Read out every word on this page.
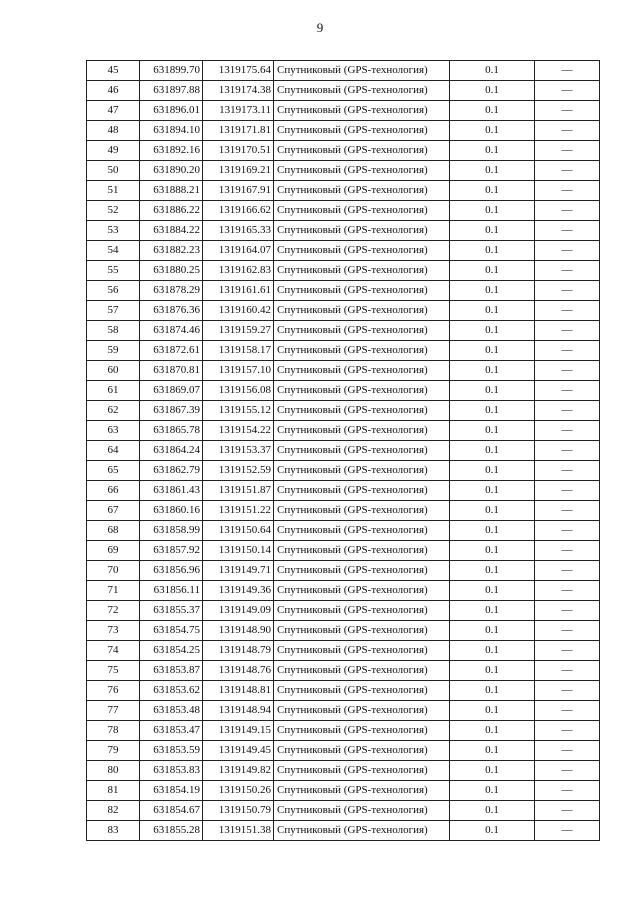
9
45	631899.70	1319175.64	Спутниковый (GPS-технология)	0.1	—
46	631897.88	1319174.38	Спутниковый (GPS-технология)	0.1	—
47	631896.01	1319173.11	Спутниковый (GPS-технология)	0.1	—
48	631894.10	1319171.81	Спутниковый (GPS-технология)	0.1	—
49	631892.16	1319170.51	Спутниковый (GPS-технология)	0.1	—
50	631890.20	1319169.21	Спутниковый (GPS-технология)	0.1	—
51	631888.21	1319167.91	Спутниковый (GPS-технология)	0.1	—
52	631886.22	1319166.62	Спутниковый (GPS-технология)	0.1	—
53	631884.22	1319165.33	Спутниковый (GPS-технология)	0.1	—
54	631882.23	1319164.07	Спутниковый (GPS-технология)	0.1	—
55	631880.25	1319162.83	Спутниковый (GPS-технология)	0.1	—
56	631878.29	1319161.61	Спутниковый (GPS-технология)	0.1	—
57	631876.36	1319160.42	Спутниковый (GPS-технология)	0.1	—
58	631874.46	1319159.27	Спутниковый (GPS-технология)	0.1	—
59	631872.61	1319158.17	Спутниковый (GPS-технология)	0.1	—
60	631870.81	1319157.10	Спутниковый (GPS-технология)	0.1	—
61	631869.07	1319156.08	Спутниковый (GPS-технология)	0.1	—
62	631867.39	1319155.12	Спутниковый (GPS-технология)	0.1	—
63	631865.78	1319154.22	Спутниковый (GPS-технология)	0.1	—
64	631864.24	1319153.37	Спутниковый (GPS-технология)	0.1	—
65	631862.79	1319152.59	Спутниковый (GPS-технология)	0.1	—
66	631861.43	1319151.87	Спутниковый (GPS-технология)	0.1	—
67	631860.16	1319151.22	Спутниковый (GPS-технология)	0.1	—
68	631858.99	1319150.64	Спутниковый (GPS-технология)	0.1	—
69	631857.92	1319150.14	Спутниковый (GPS-технология)	0.1	—
70	631856.96	1319149.71	Спутниковый (GPS-технология)	0.1	—
71	631856.11	1319149.36	Спутниковый (GPS-технология)	0.1	—
72	631855.37	1319149.09	Спутниковый (GPS-технология)	0.1	—
73	631854.75	1319148.90	Спутниковый (GPS-технология)	0.1	—
74	631854.25	1319148.79	Спутниковый (GPS-технология)	0.1	—
75	631853.87	1319148.76	Спутниковый (GPS-технология)	0.1	—
76	631853.62	1319148.81	Спутниковый (GPS-технология)	0.1	—
77	631853.48	1319148.94	Спутниковый (GPS-технология)	0.1	—
78	631853.47	1319149.15	Спутниковый (GPS-технология)	0.1	—
79	631853.59	1319149.45	Спутниковый (GPS-технология)	0.1	—
80	631853.83	1319149.82	Спутниковый (GPS-технология)	0.1	—
81	631854.19	1319150.26	Спутниковый (GPS-технология)	0.1	—
82	631854.67	1319150.79	Спутниковый (GPS-технология)	0.1	—
83	631855.28	1319151.38	Спутниковый (GPS-технология)	0.1	—
